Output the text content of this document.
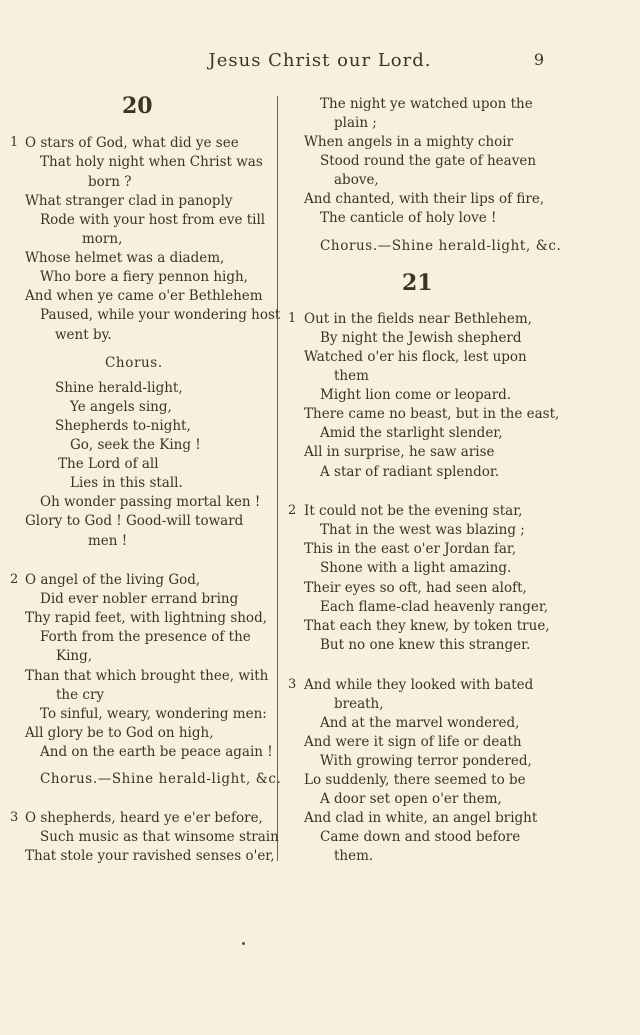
Jesus Christ our Lord.	9
20
1 O stars of God, what did ye see
That holy night when Christ was
born ?
What stranger clad in panoply
Rode with your host from eve till
morn,
Whose helmet was a diadem,
Who bore a fiery pennon high,
And when ye came o'er Bethlehem
Paused, while your wondering host
went by.
Chorus.
Shine herald-light,
Ye angels sing,
Shepherds to-night,
Go, seek the King !
The Lord of all
Lies in this stall.
Oh wonder passing mortal ken !
Glory to God ! Good-will toward
men !
2 O angel of the living God,
Did ever nobler errand bring
Thy rapid feet, with lightning shod,
Forth from the presence of the
King,
Than that which brought thee, with
the cry
To sinful, weary, wondering men:
All glory be to God on high,
And on the earth be peace again !
Chorus.—Shine herald-light, &c.
3 O shepherds, heard ye e'er before,
Such music as that winsome strain
That stole your ravished senses o'er,
The night ye watched upon the
plain ;
When angels in a mighty choir
Stood round the gate of heaven
above,
And chanted, with their lips of fire,
The canticle of holy love !
Chorus.—Shine herald-light, &c.
21
1 Out in the fields near Bethlehem,
By night the Jewish shepherd
Watched o'er his flock, lest upon
them
Might lion come or leopard.
There came no beast, but in the east,
Amid the starlight slender,
All in surprise, he saw arise
A star of radiant splendor.
2 It could not be the evening star,
That in the west was blazing ;
This in the east o'er Jordan far,
Shone with a light amazing.
Their eyes so oft, had seen aloft,
Each flame-clad heavenly ranger,
That each they knew, by token true,
But no one knew this stranger.
3 And while they looked with bated
breath,
And at the marvel wondered,
And were it sign of life or death
With growing terror pondered,
Lo suddenly, there seemed to be
A door set open o'er them,
And clad in white, an angel bright
Came down and stood before
them.
